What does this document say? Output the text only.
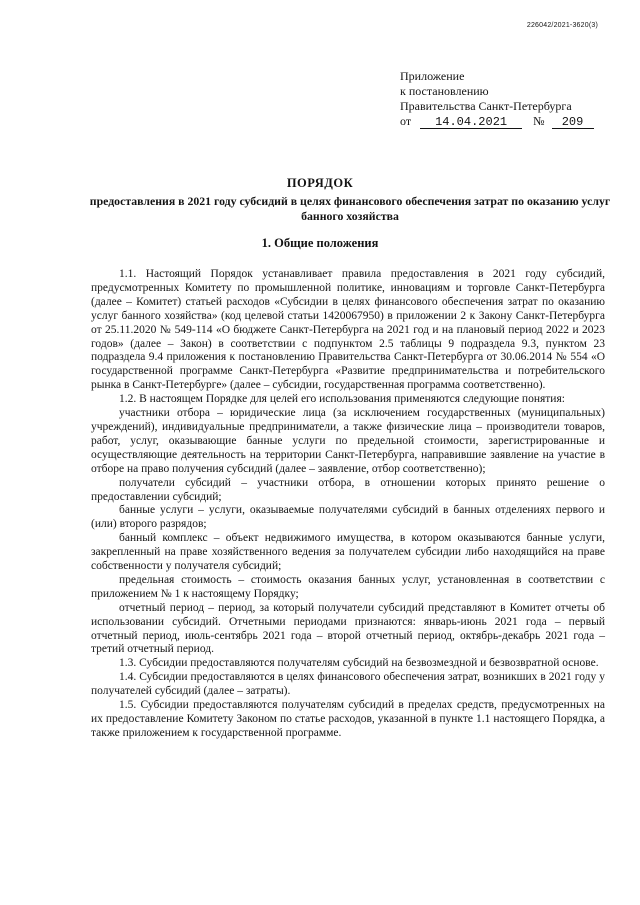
226042/2021-3620(3)
Приложение
к постановлению
Правительства Санкт-Петербурга
от 14.04.2021 № 209
ПОРЯДОК
предоставления в 2021 году субсидий в целях финансового обеспечения затрат по оказанию услуг банного хозяйства
1. Общие положения

1.1. Настоящий Порядок устанавливает правила предоставления в 2021 году субсидий, предусмотренных Комитету по промышленной политике, инновациям и торговле Санкт-Петербурга (далее – Комитет) статьей расходов «Субсидии в целях финансового обеспечения затрат по оказанию услуг банного хозяйства» (код целевой статьи 1420067950) в приложении 2 к Закону Санкт-Петербурга от 25.11.2020 № 549-114 «О бюджете Санкт-Петербурга на 2021 год и на плановый период 2022 и 2023 годов» (далее – Закон) в соответствии с подпунктом 2.5 таблицы 9 подраздела 9.3, пунктом 23 подраздела 9.4 приложения к постановлению Правительства Санкт-Петербурга от 30.06.2014 № 554 «О государственной программе Санкт-Петербурга «Развитие предпринимательства и потребительского рынка в Санкт-Петербурге» (далее – субсидии, государственная программа соответственно).

1.2. В настоящем Порядке для целей его использования применяются следующие понятия:

участники отбора – юридические лица (за исключением государственных (муниципальных) учреждений), индивидуальные предприниматели, а также физические лица – производители товаров, работ, услуг, оказывающие банные услуги по предельной стоимости, зарегистрированные и осуществляющие деятельность на территории Санкт-Петербурга, направившие заявление на участие в отборе на право получения субсидий (далее – заявление, отбор соответственно);

получатели субсидий – участники отбора, в отношении которых принято решение о предоставлении субсидий;

банные услуги – услуги, оказываемые получателями субсидий в банных отделениях первого и (или) второго разрядов;

банный комплекс – объект недвижимого имущества, в котором оказываются банные услуги, закрепленный на праве хозяйственного ведения за получателем субсидии либо находящийся на праве собственности у получателя субсидий;

предельная стоимость – стоимость оказания банных услуг, установленная в соответствии с приложением № 1 к настоящему Порядку;

отчетный период – период, за который получатели субсидий представляют в Комитет отчеты об использовании субсидий. Отчетными периодами признаются: январь-июнь 2021 года – первый отчетный период, июль-сентябрь 2021 года – второй отчетный период, октябрь-декабрь 2021 года – третий отчетный период.

1.3. Субсидии предоставляются получателям субсидий на безвозмездной и безвозвратной основе.

1.4. Субсидии предоставляются в целях финансового обеспечения затрат, возникших в 2021 году у получателей субсидий (далее – затраты).

1.5. Субсидии предоставляются получателям субсидий в пределах средств, предусмотренных на их предоставление Комитету Законом по статье расходов, указанной в пункте 1.1 настоящего Порядка, а также приложением к государственной программе.
